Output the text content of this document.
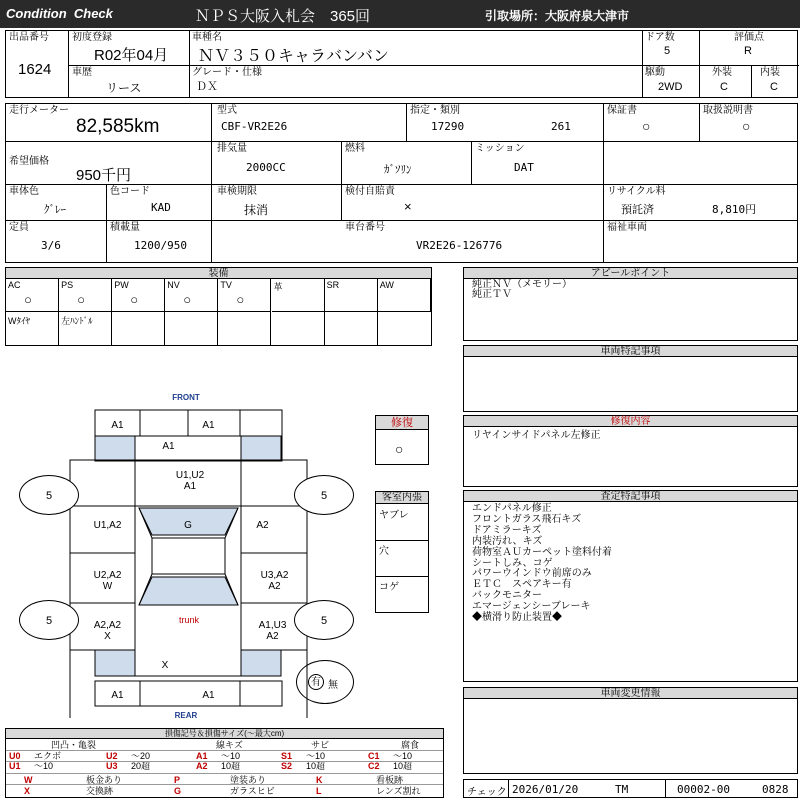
Condition  Check	ＮＰＳ大阪入札会　365回	引取場所：大阪府泉大津市
出品番号
1624
初度登録
R02年04月
車種名
ＮＶ３５０キャラバンバン
ドア数
5
評価点
R
車歴
リース
グレード・仕様
ＤＸ
駆動
2WD
外装
C
内装
C
走行メーター
82,585km
型式
CBF-VR2E26
指定・類別
17290	261
保証書
○
取扱説明書
○
希望価格
950千円
排気量
2000CC
燃料
ｶﾞｿﾘﾝ
ミッション
DAT
車体色
ｸﾞﾚｰ
色コード
KAD
車検期限
抹消
検付自賠責
×
リサイクル料
預託済	8,810円
定員
3/6
積載量
1200/950
車台番号
VR2E26-126776
福祉車両
装備
AC
○
PS
○
PW
○
NV
○
TV
○
革	SR	AW
Wﾀｲﾔ	左ﾊﾝﾄﾞﾙ
アピールポイント
純正ＮＶ（メモリー）
純正ＴＶ
車両特記事項
修復
○
修復内容
リヤインサイドパネル左修正
客室内張
ヤブレ
穴
コゲ
査定特記事項
エンドパネル修正
フロントガラス飛石キズ
ドアミラーキズ
内装汚れ、キズ
荷物室ＡＵカーペット塗料付着
シートしみ、コゲ
パワーウインドウ前席のみ
ＥＴＣ　スペアキー有
バックモニター
エマージェンシーブレーキ
◆横滑り防止装置◆
車両変更情報
チェック 2026/01/20	TM	00002-00	0828
FRONT
REAR
A1	A1
A1
U1,U2
A1
G
U1,A2	A2
U2,A2
W
U3,A2
A2
A2,A2
X
A1,U3
A2
trunk
X
A1	A1
5	5
5	5
有 無
損傷記号＆損傷サイズ(〜最大cm)
凹凸・亀裂	線キズ	サビ	腐食
U0 エクボ	U2 〜20	A1 〜10	S1 〜10	C1 〜10
U1 〜10	U3 20超	A2 10超	S2 10超	C2 10超
W	板金あり	P	塗装あり	K	看板跡
X	交換跡	G	ガラスヒビ	L	レンズ割れ
